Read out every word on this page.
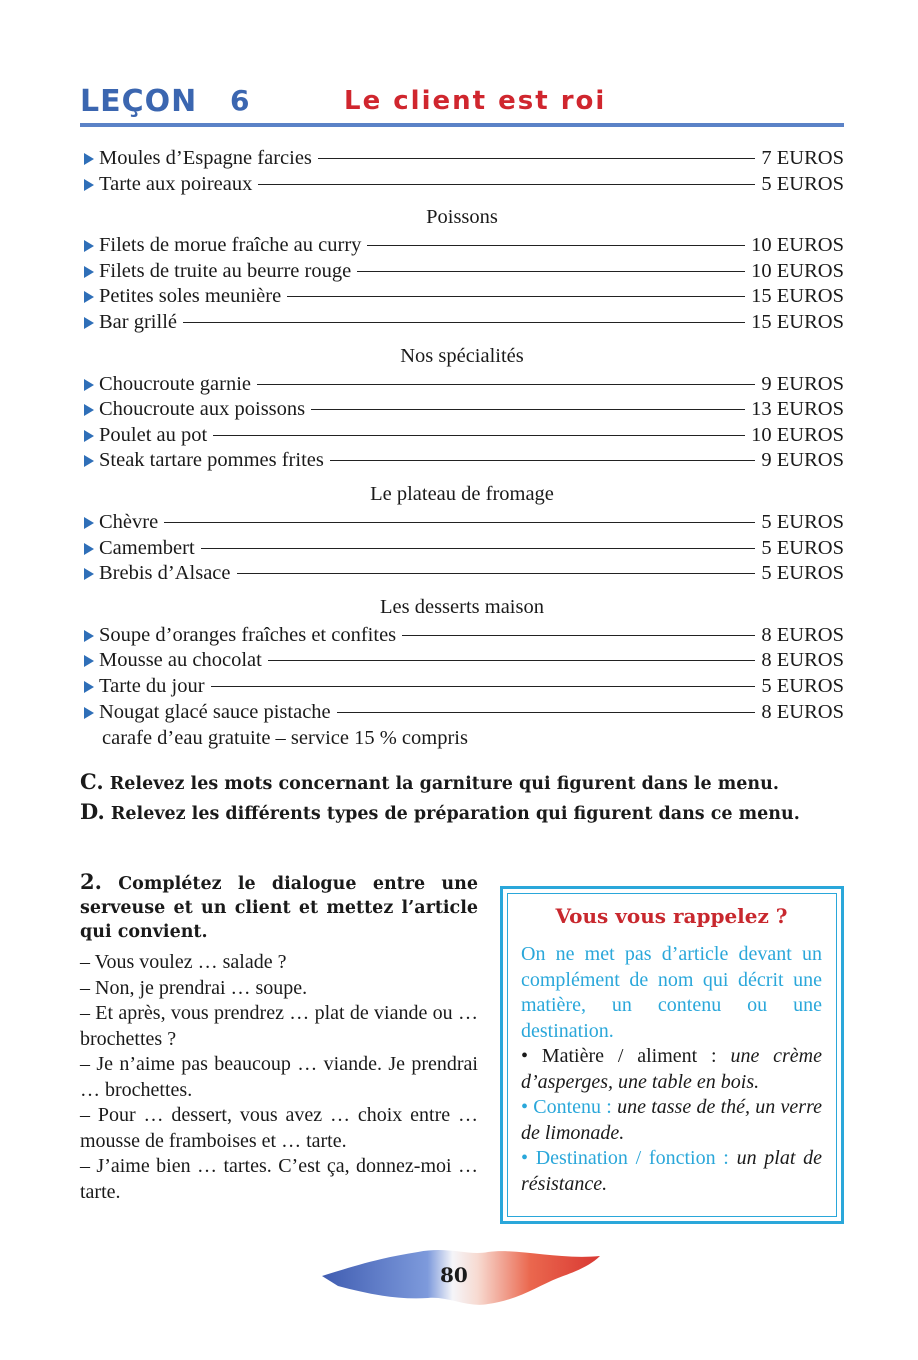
LEÇON 6	Le client est roi
Moules d’Espagne farcies	7 EUROS
Tarte aux poireaux	5 EUROS
Poissons
Filets de morue fraîche au curry	10 EUROS
Filets de truite au beurre rouge	10 EUROS
Petites soles meunière	15 EUROS
Bar grillé	15 EUROS
Nos spécialités
Choucroute garnie	9 EUROS
Choucroute aux poissons	13 EUROS
Poulet au pot	10 EUROS
Steak tartare pommes frites	9 EUROS
Le plateau de fromage
Chèvre	5 EUROS
Camembert	5 EUROS
Brebis d’Alsace	5 EUROS
Les desserts maison
Soupe d’oranges fraîches et confites	8 EUROS
Mousse au chocolat	8 EUROS
Tarte du jour	5 EUROS
Nougat glacé sauce pistache	8 EUROS
carafe d’eau gratuite – service 15 % compris
C. Relevez les mots concernant la garniture qui figurent dans le menu.
D. Relevez les différents types de préparation qui figurent dans ce menu.
2. Complétez le dialogue entre une serveuse et un client et mettez l’article qui convient.
– Vous voulez … salade ?
– Non, je prendrai … soupe.
– Et après, vous prendrez … plat de viande ou … brochettes ?
– Je n’aime pas beaucoup … viande. Je prendrai … brochettes.
– Pour … dessert, vous avez … choix entre … mousse de framboises et … tarte.
– J’aime bien … tartes. C’est ça, donnez-moi … tarte.
Vous vous rappelez ?

On ne met pas d’article devant un complément de nom qui décrit une matière, un contenu ou une destination.

• Matière / aliment : une crème d’asperges, une table en bois.

• Contenu : une tasse de thé, un verre de limonade.

• Destination / fonction : un plat de résistance.

80
